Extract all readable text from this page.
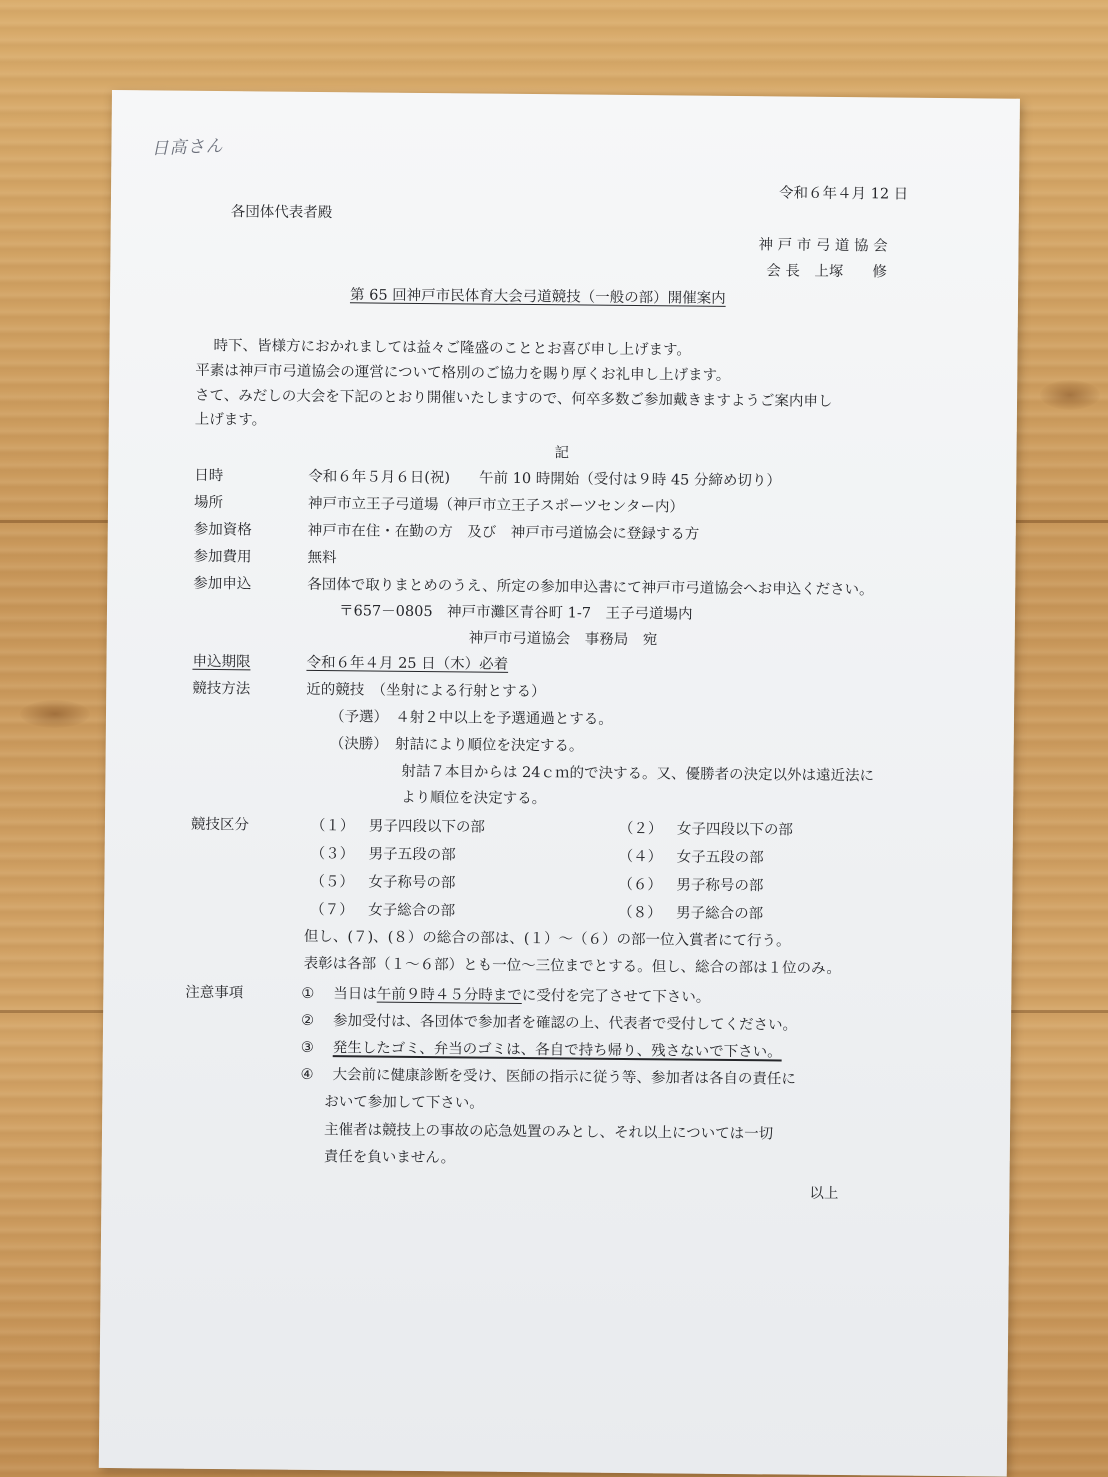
日高さん
令和６年４月 12 日
各団体代表者殿
神 戸 市 弓 道 協 会
会 長　上塚　　修
第 65 回神戸市民体育大会弓道競技（一般の部）開催案内
時下、皆様方におかれましては益々ご隆盛のこととお喜び申し上げます。
平素は神戸市弓道協会の運営について格別のご協力を賜り厚くお礼申し上げます。
さて、みだしの大会を下記のとおり開催いたしますので、何卒多数ご参加戴きますようご案内申し
上げます。
記
日時	令和６年５月６日(祝)　　午前 10 時開始（受付は９時 45 分締め切り）
場所	神戸市立王子弓道場（神戸市立王子スポーツセンター内）
参加資格	神戸市在住・在勤の方　及び　神戸市弓道協会に登録する方
参加費用	無料
参加申込	各団体で取りまとめのうえ、所定の参加申込書にて神戸市弓道協会へお申込ください。
〒657－0805　神戸市灘区青谷町 1-7　王子弓道場内
神戸市弓道協会　事務局　宛
申込期限	令和６年４月 25 日（木）必着
競技方法	近的競技　（坐射による行射とする）
（予選）　４射２中以上を予選通過とする。
（決勝）　射詰により順位を決定する。
射詰７本目からは 24ｃｍ的で決する。又、優勝者の決定以外は遠近法に
より順位を決定する。
競技区分	（１） 男子四段以下の部	（２） 女子四段以下の部
（３） 男子五段の部	（４） 女子五段の部
（５） 女子称号の部	（６） 男子称号の部
（７） 女子総合の部	（８） 男子総合の部
但し、(７)、(８）の総合の部は、(１）～（６）の部一位入賞者にて行う。
表彰は各部（１～６部）とも一位～三位までとする。但し、総合の部は１位のみ。
注意事項	① 当日は午前９時４５分時までに受付を完了させて下さい。
② 参加受付は、各団体で参加者を確認の上、代表者で受付してください。
③ 発生したゴミ、弁当のゴミは、各自で持ち帰り、残さないで下さい。
④ 大会前に健康診断を受け、医師の指示に従う等、参加者は各自の責任に
おいて参加して下さい。
主催者は競技上の事故の応急処置のみとし、それ以上については一切
責任を負いません。
以上
